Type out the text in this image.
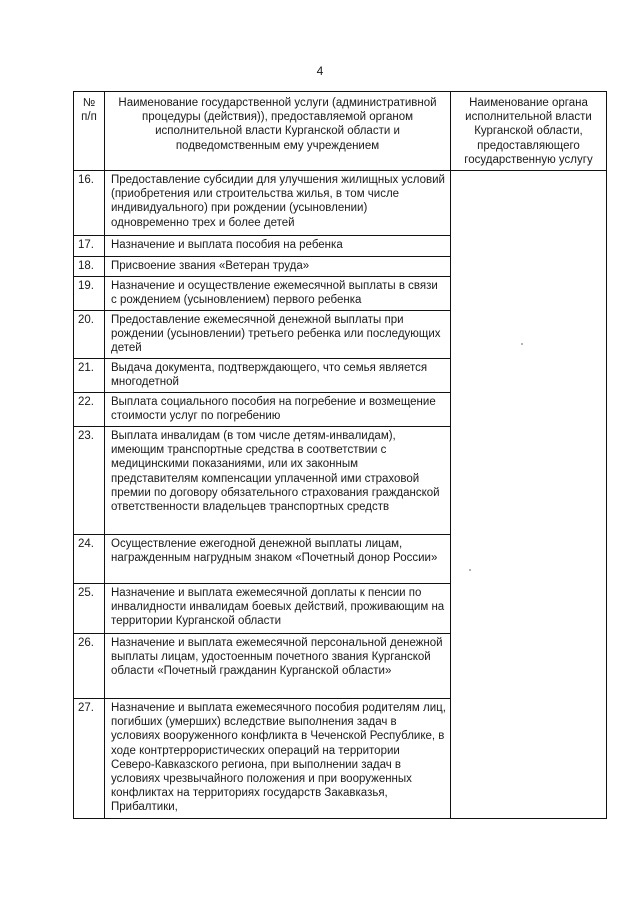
4
№ п/п	Наименование государственной услуги (административной процедуры (действия)), предоставляемой органом исполнительной власти Курганской области и подведомственным ему учреждением	Наименование органа исполнительной власти Курганской области, предоставляющего государственную услугу
16.	Предоставление субсидии для улучшения жилищных условий (приобретения или строительства жилья, в том числе индивидуального) при рождении (усыновлении) одновременно трех и более детей	
17.	Назначение и выплата пособия на ребенка	
18.	Присвоение звания «Ветеран труда»	
19.	Назначение и осуществление ежемесячной выплаты в связи с рождением (усыновлением) первого ребенка	
20.	Предоставление ежемесячной денежной выплаты при рождении (усыновлении) третьего ребенка или последующих детей	
21.	Выдача документа, подтверждающего, что семья является многодетной	
22.	Выплата социального пособия на погребение и возмещение стоимости услуг по погребению	
23.	Выплата инвалидам (в том числе детям-инвалидам), имеющим транспортные средства в соответствии с медицинскими показаниями, или их законным представителям компенсации уплаченной ими страховой премии по договору обязательного страхования гражданской ответственности владельцев транспортных средств	
24.	Осуществление ежегодной денежной выплаты лицам, награжденным нагрудным знаком «Почетный донор России»	
25.	Назначение и выплата ежемесячной доплаты к пенсии по инвалидности инвалидам боевых действий, проживающим на территории Курганской области	
26.	Назначение и выплата ежемесячной персональной денежной выплаты лицам, удостоенным почетного звания Курганской области «Почетный гражданин Курганской области»	
27.	Назначение и выплата ежемесячного пособия родителям лиц, погибших (умерших) вследствие выполнения задач в условиях вооруженного конфликта в Чеченской Республике, в ходе контртеррористических операций на территории Северо-Кавказского региона, при выполнении задач в условиях чрезвычайного положения и при вооруженных конфликтах на территориях государств Закавказья, Прибалтики,	
